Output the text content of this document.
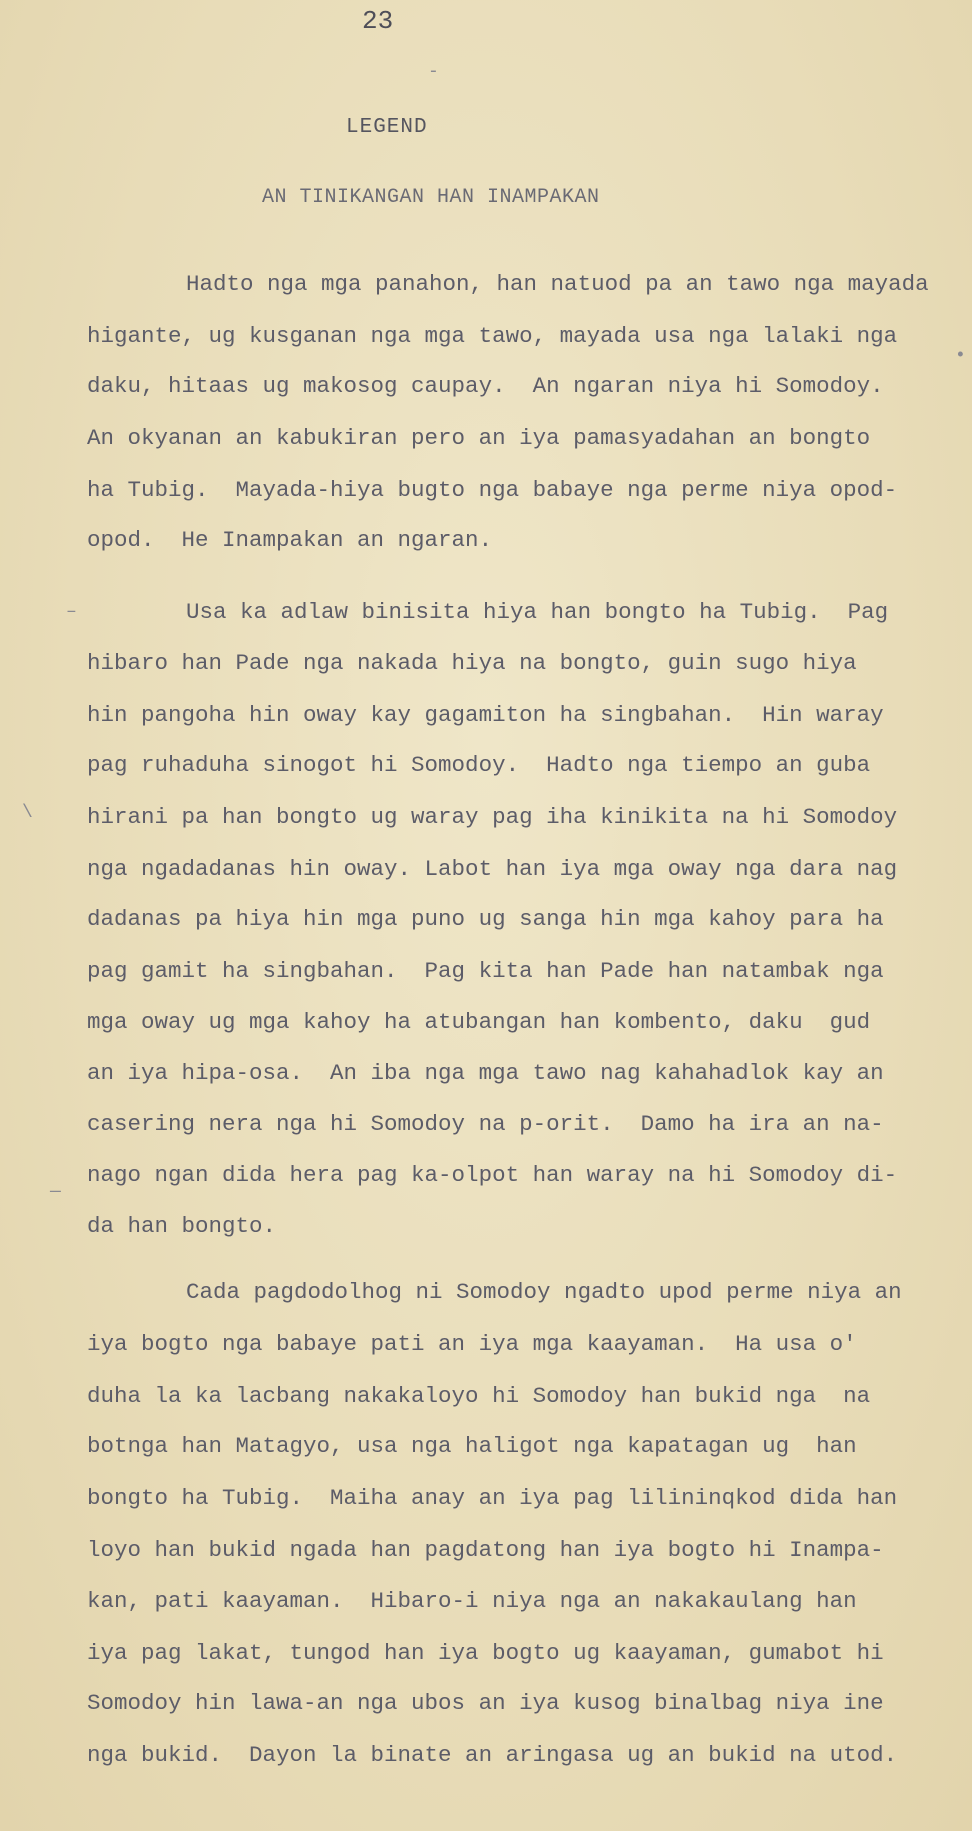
23
LEGEND
AN TINIKANGAN HAN INAMPAKAN
-
–
\
—
•
Hadto nga mga panahon, han natuod pa an tawo nga mayada
higante, ug kusganan nga mga tawo, mayada usa nga lalaki nga
daku, hitaas ug makosog caupay.  An ngaran niya hi Somodoy.
An okyanan an kabukiran pero an iya pamasyadahan an bongto
ha Tubig.  Mayada-hiya bugto nga babaye nga perme niya opod-
opod.  He Inampakan an ngaran.
Usa ka adlaw binisita hiya han bongto ha Tubig.  Pag
hibaro han Pade nga nakada hiya na bongto, guin sugo hiya
hin pangoha hin oway kay gagamiton ha singbahan.  Hin waray
pag ruhaduha sinogot hi Somodoy.  Hadto nga tiempo an guba
hirani pa han bongto ug waray pag iha kinikita na hi Somodoy
nga ngadadanas hin oway. Labot han iya mga oway nga dara nag
dadanas pa hiya hin mga puno ug sanga hin mga kahoy para ha
pag gamit ha singbahan.  Pag kita han Pade han natambak nga
mga oway ug mga kahoy ha atubangan han kombento, daku  gud
an iya hipa-osa.  An iba nga mga tawo nag kahahadlok kay an
casering nera nga hi Somodoy na p-orit.  Damo ha ira an na-
nago ngan dida hera pag ka-olpot han waray na hi Somodoy di-
da han bongto.
Cada pagdodolhog ni Somodoy ngadto upod perme niya an
iya bogto nga babaye pati an iya mga kaayaman.  Ha usa o'
duha la ka lacbang nakakaloyo hi Somodoy han bukid nga  na
botnga han Matagyo, usa nga haligot nga kapatagan ug  han
bongto ha Tubig.  Maiha anay an iya pag lilininqkod dida han
loyo han bukid ngada han pagdatong han iya bogto hi Inampa-
kan, pati kaayaman.  Hibaro-i niya nga an nakakaulang han
iya pag lakat, tungod han iya bogto ug kaayaman, gumabot hi
Somodoy hin lawa-an nga ubos an iya kusog binalbag niya ine
nga bukid.  Dayon la binate an aringasa ug an bukid na utod.
